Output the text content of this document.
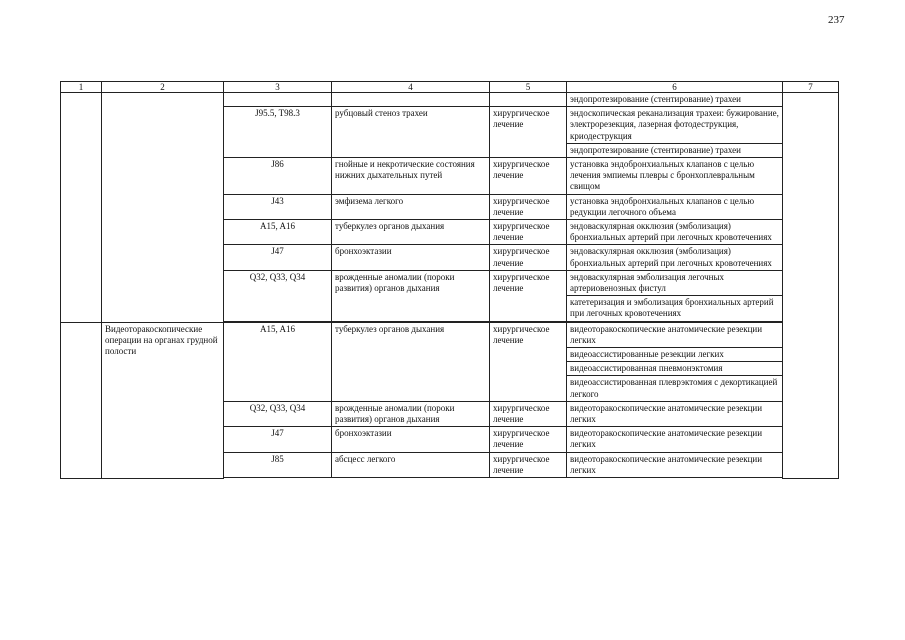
237
1	2	3	4	5	6	7
					эндопротезирование (стентирование) трахеи	
		J95.5, T98.3	рубцовый стеноз трахеи	хирургическое лечение	эндоскопическая реканализация трахеи: бужирование, электрорезекция, лазерная фотодеструкция, криодеструкция	
					эндопротезирование (стентирование) трахеи	
		J86	гнойные и некротические состояния нижних дыхательных путей	хирургическое лечение	установка эндобронхиальных клапанов с целью лечения эмпиемы плевры с бронхоплевральным свищом	
		J43	эмфизема легкого	хирургическое лечение	установка эндобронхиальных клапанов с целью редукции легочного объема	
		A15, A16	туберкулез органов дыхания	хирургическое лечение	эндоваскулярная окклюзия (эмболизация) бронхиальных артерий при легочных кровотечениях	
		J47	бронхоэктазии	хирургическое лечение	эндоваскулярная окклюзия (эмболизация) бронхиальных артерий при легочных кровотечениях	
		Q32, Q33, Q34	врожденные аномалии (пороки развития) органов дыхания	хирургическое лечение	эндоваскулярная эмболизация легочных артериовенозных фистул	
					катетеризация и эмболизация бронхиальных артерий при легочных кровотечениях	

	Видеоторакоскопические операции на органах грудной полости	A15, A16	туберкулез органов дыхания	хирургическое лечение	видеоторакоскопические анатомические резекции легких	
					видеоассистированные резекции легких	
					видеоассистированная пневмонэктомия	
					видеоассистированная плеврэктомия с декортикацией легкого	
		Q32, Q33, Q34	врожденные аномалии (пороки развития) органов дыхания	хирургическое лечение	видеоторакоскопические анатомические резекции легких	
		J47	бронхоэктазии	хирургическое лечение	видеоторакоскопические анатомические резекции легких	
		J85	абсцесс легкого	хирургическое лечение	видеоторакоскопические анатомические резекции легких	
